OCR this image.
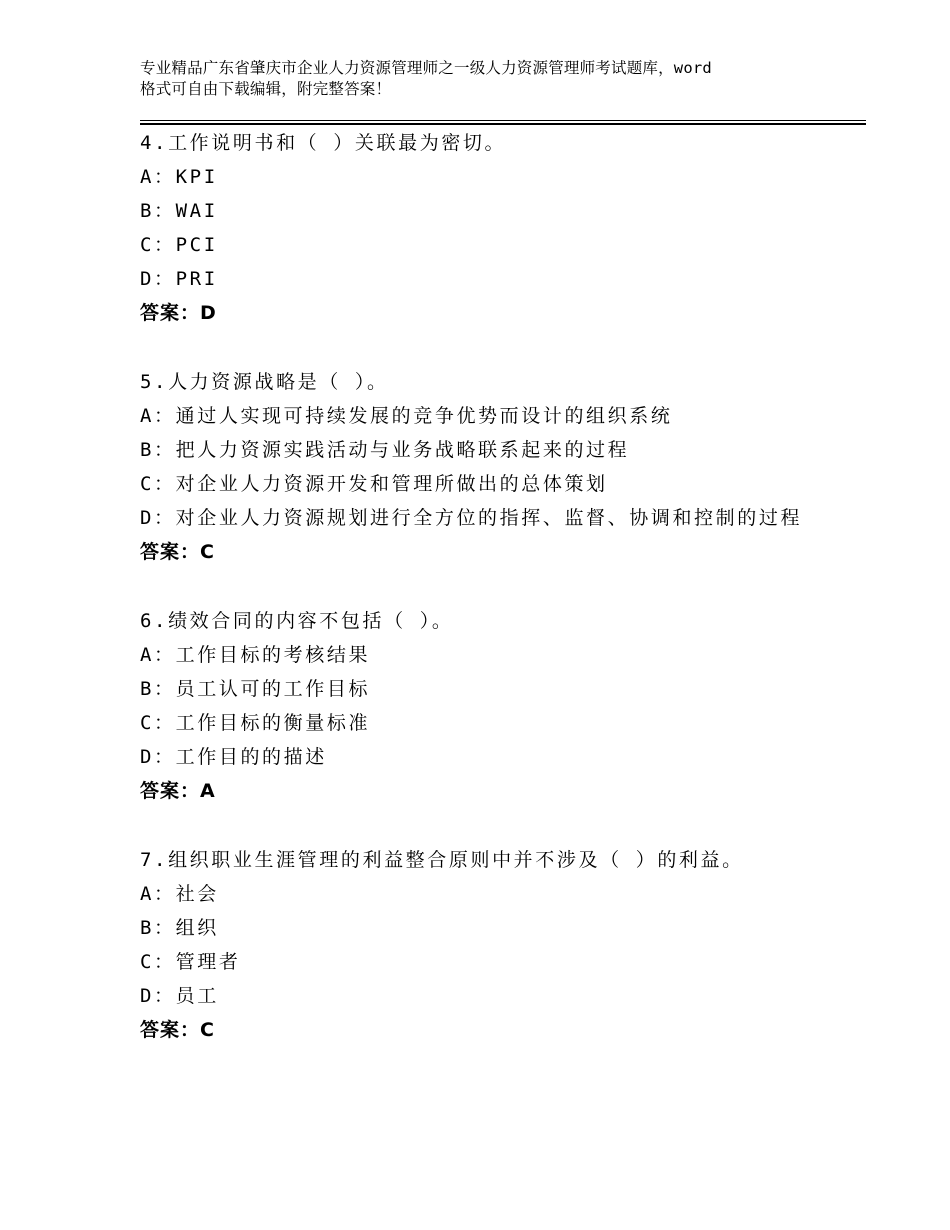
专业精品广东省肇庆市企业人力资源管理师之一级人力资源管理师考试题库，word
格式可自由下载编辑，附完整答案！
4.工作说明书和（ ）关联最为密切。
A：KPI
B：WAI
C：PCI
D：PRI
答案：D
5.人力资源战略是（ ）。
A：通过人实现可持续发展的竞争优势而设计的组织系统
B：把人力资源实践活动与业务战略联系起来的过程
C：对企业人力资源开发和管理所做出的总体策划
D：对企业人力资源规划进行全方位的指挥、监督、协调和控制的过程
答案：C
6.绩效合同的内容不包括（ ）。
A：工作目标的考核结果
B：员工认可的工作目标
C：工作目标的衡量标准
D：工作目的的描述
答案：A
7.组织职业生涯管理的利益整合原则中并不涉及（ ）的利益。
A：社会
B：组织
C：管理者
D：员工
答案：C
